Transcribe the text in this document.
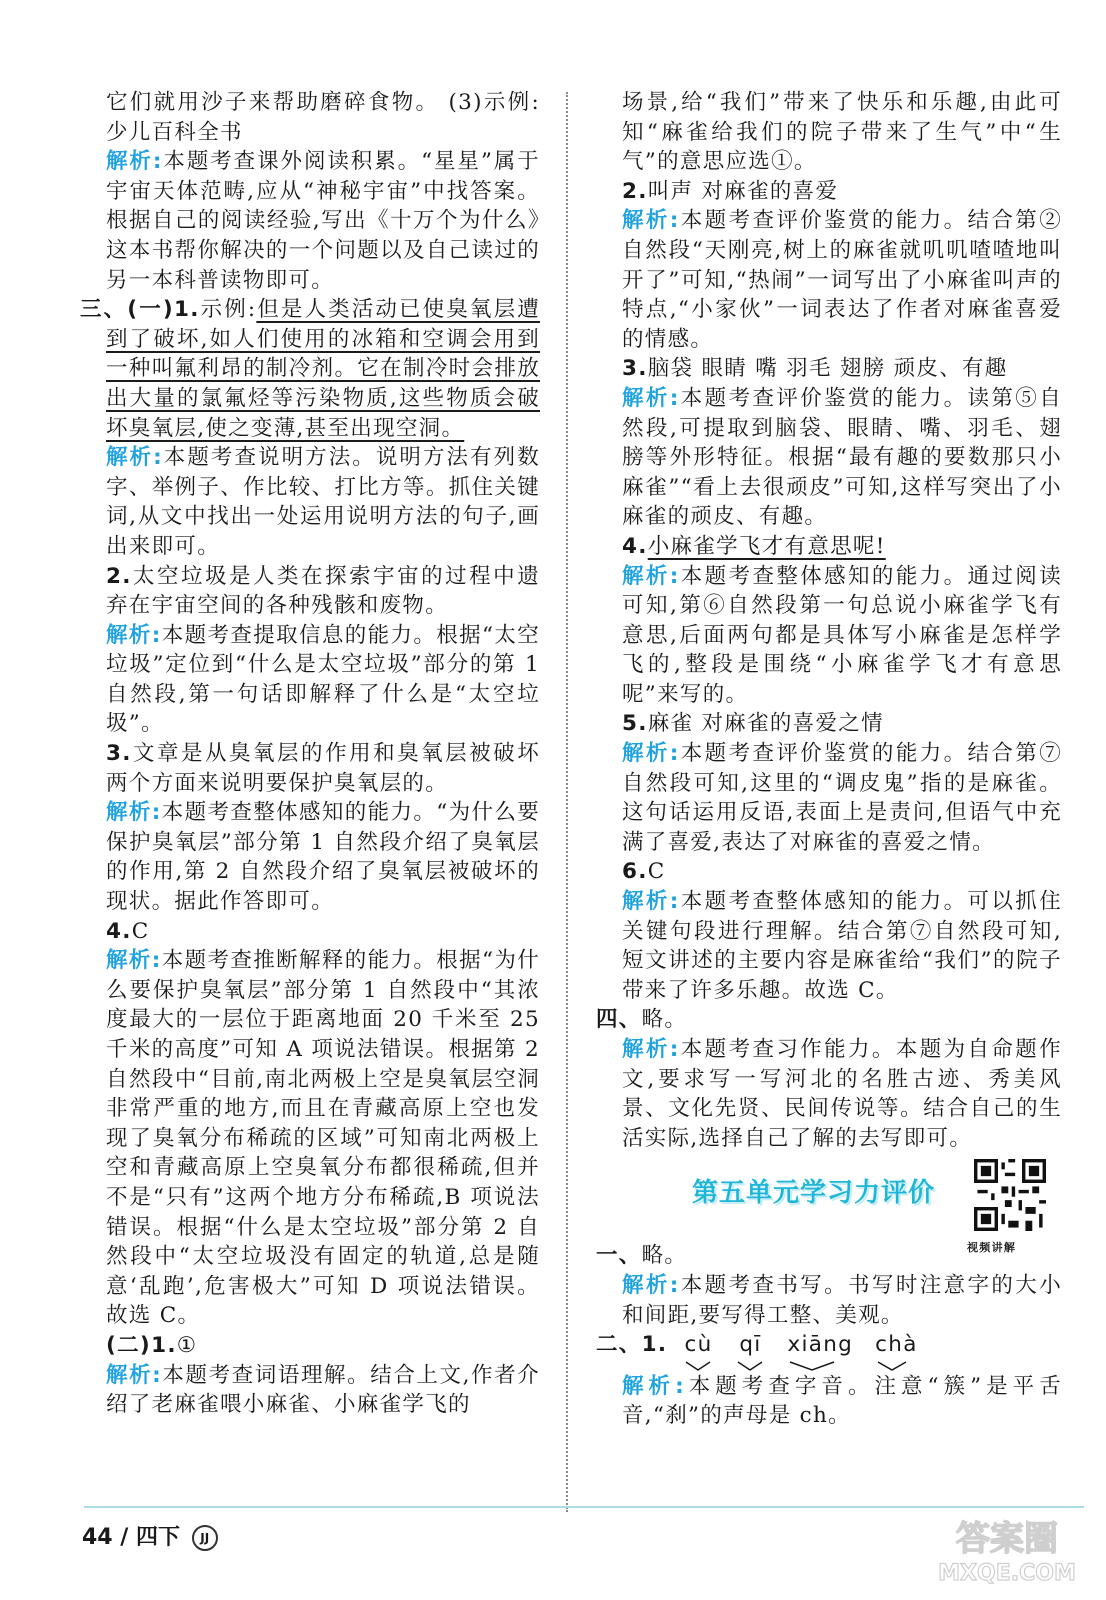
它们就用沙子来帮助磨碎食物。 (3)示例:少儿百科全书

解析:本题考查课外阅读积累。“星星”属于宇宙天体范畴,应从“神秘宇宙”中找答案。根据自己的阅读经验,写出《十万个为什么》这本书帮你解决的一个问题以及自己读过的另一本科普读物即可。

三、(一)1.示例:但是人类活动已使臭氧层遭到了破坏,如人们使用的冰箱和空调会用到一种叫氟利昂的制冷剂。它在制冷时会排放出大量的氯氟烃等污染物质,这些物质会破坏臭氧层,使之变薄,甚至出现空洞。

解析:本题考查说明方法。说明方法有列数字、举例子、作比较、打比方等。抓住关键词,从文中找出一处运用说明方法的句子,画出来即可。

2.太空垃圾是人类在探索宇宙的过程中遗弃在宇宙空间的各种残骸和废物。

解析:本题考查提取信息的能力。根据“太空垃圾”定位到“什么是太空垃圾”部分的第 1 自然段,第一句话即解释了什么是“太空垃圾”。

3.文章是从臭氧层的作用和臭氧层被破坏两个方面来说明要保护臭氧层的。

解析:本题考查整体感知的能力。“为什么要保护臭氧层”部分第 1 自然段介绍了臭氧层的作用,第 2 自然段介绍了臭氧层被破坏的现状。据此作答即可。

4.C

解析:本题考查推断解释的能力。根据“为什么要保护臭氧层”部分第 1 自然段中“其浓度最大的一层位于距离地面 20 千米至 25 千米的高度”可知 A 项说法错误。根据第 2 自然段中“目前,南北两极上空是臭氧层空洞非常严重的地方,而且在青藏高原上空也发现了臭氧分布稀疏的区域”可知南北两极上空和青藏高原上空臭氧分布都很稀疏,但并不是“只有”这两个地方分布稀疏,B 项说法错误。根据“什么是太空垃圾”部分第 2 自然段中“太空垃圾没有固定的轨道,总是随意‘乱跑’,危害极大”可知 D 项说法错误。故选 C。

(二)1.①

解析:本题考查词语理解。结合上文,作者介绍了老麻雀喂小麻雀、小麻雀学飞的

场景,给“我们”带来了快乐和乐趣,由此可知“麻雀给我们的院子带来了生气”中“生气”的意思应选①。

2.叫声 对麻雀的喜爱

解析:本题考查评价鉴赏的能力。结合第②自然段“天刚亮,树上的麻雀就叽叽喳喳地叫开了”可知,“热闹”一词写出了小麻雀叫声的特点,“小家伙”一词表达了作者对麻雀喜爱的情感。

3.脑袋 眼睛 嘴 羽毛 翅膀 顽皮、有趣

解析:本题考查评价鉴赏的能力。读第⑤自然段,可提取到脑袋、眼睛、嘴、羽毛、翅膀等外形特征。根据“最有趣的要数那只小麻雀”“看上去很顽皮”可知,这样写突出了小麻雀的顽皮、有趣。

4.小麻雀学飞才有意思呢!

解析:本题考查整体感知的能力。通过阅读可知,第⑥自然段第一句总说小麻雀学飞有意思,后面两句都是具体写小麻雀是怎样学飞的,整段是围绕“小麻雀学飞才有意思呢”来写的。

5.麻雀 对麻雀的喜爱之情

解析:本题考查评价鉴赏的能力。结合第⑦自然段可知,这里的“调皮鬼”指的是麻雀。这句话运用反语,表面上是责问,但语气中充满了喜爱,表达了对麻雀的喜爱之情。

6.C

解析:本题考查整体感知的能力。可以抓住关键句段进行理解。结合第⑦自然段可知,短文讲述的主要内容是麻雀给“我们”的院子带来了许多乐趣。故选 C。

四、略。

解析:本题考查习作能力。本题为自命题作文,要求写一写河北的名胜古迹、秀美风景、文化先贤、民间传说等。结合自己的生活实际,选择自己了解的去写即可。

第五单元学习力评价
视频讲解

一、略。

解析:本题考查书写。书写时注意字的大小和间距,要写得工整、美观。

二、1. cù qī xiāng chà

解析:本题考查字音。注意“簇”是平舌音,“刹”的声母是 ch。

44 / 四下 JJ	答案圈
MXQE.COM
